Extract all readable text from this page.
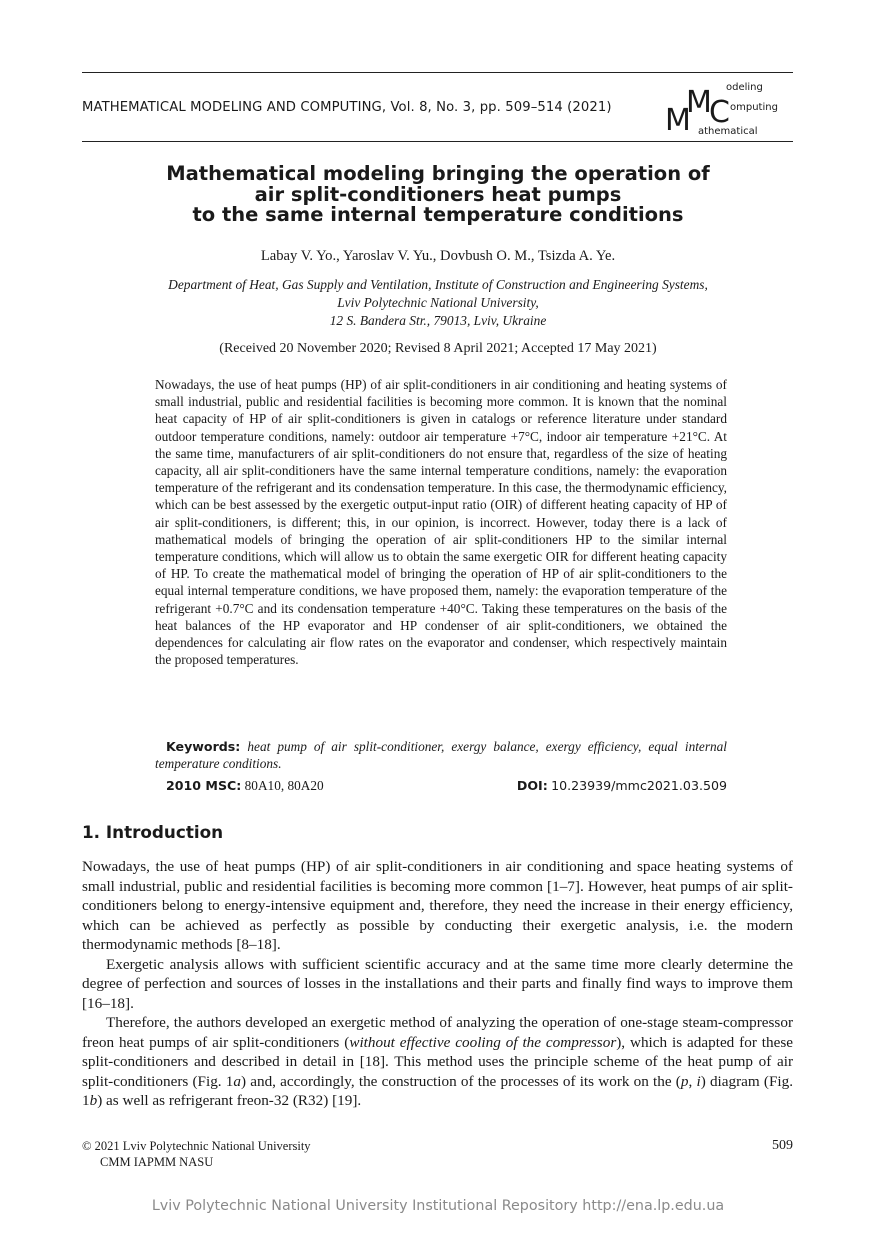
MATHEMATICAL MODELING AND COMPUTING, Vol. 8, No. 3, pp. 509–514 (2021) M
M
C
odeling
omputing
athematical
Mathematical modeling bringing the operation of
air split-conditioners heat pumps
to the same internal temperature conditions
Labay V. Yo., Yaroslav V. Yu., Dovbush O. M., Tsizda A. Ye.
Department of Heat, Gas Supply and Ventilation, Institute of Construction and Engineering Systems,
Lviv Polytechnic National University,
12 S. Bandera Str., 79013, Lviv, Ukraine
(Received 20 November 2020; Revised 8 April 2021; Accepted 17 May 2021)

Nowadays, the use of heat pumps (HP) of air split-conditioners in air conditioning and heating systems of small industrial, public and residential facilities is becoming more common. It is known that the nominal heat capacity of HP of air split-conditioners is given in catalogs or reference literature under standard outdoor temperature conditions, namely: outdoor air temperature +7°C, indoor air temperature +21°C. At the same time, manufacturers of air split-conditioners do not ensure that, regardless of the size of heating capacity, all air split-conditioners have the same internal temperature conditions, namely: the evaporation temperature of the refrigerant and its condensation temperature. In this case, the thermodynamic efficiency, which can be best assessed by the exergetic output-input ratio (OIR) of different heating capacity of HP of air split-conditioners, is different; this, in our opinion, is incorrect. However, today there is a lack of mathematical models of bringing the operation of air split-conditioners HP to the similar internal temperature conditions, which will allow us to obtain the same exergetic OIR for different heating capacity of HP. To create the mathematical model of bringing the operation of HP of air split-conditioners to the equal internal temperature conditions, we have proposed them, namely: the evaporation temperature of the refrigerant +0.7°C and its condensation temperature +40°C. Taking these temperatures on the basis of the heat balances of the HP evaporator and HP condenser of air split-conditioners, we obtained the dependences for calculating air flow rates on the evaporator and condenser, which respectively maintain the proposed temperatures.

Keywords: heat pump of air split-conditioner, exergy balance, exergy efficiency, equal internal temperature conditions.
2010 MSC: 80A10, 80A20	DOI: 10.23939/mmc2021.03.509
1. Introduction

Nowadays, the use of heat pumps (HP) of air split-conditioners in air conditioning and space heating systems of small industrial, public and residential facilities is becoming more common [1–7]. However, heat pumps of air split-conditioners belong to energy-intensive equipment and, therefore, they need the increase in their energy efficiency, which can be achieved as perfectly as possible by conducting their exergetic analysis, i.e. the modern thermodynamic methods [8–18].

Exergetic analysis allows with sufficient scientific accuracy and at the same time more clearly determine the degree of perfection and sources of losses in the installations and their parts and finally find ways to improve them [16–18].

Therefore, the authors developed an exergetic method of analyzing the operation of one-stage steam-compressor freon heat pumps of air split-conditioners (without effective cooling of the compressor), which is adapted for these split-conditioners and described in detail in [18]. This method uses the principle scheme of the heat pump of air split-conditioners (Fig. 1a) and, accordingly, the construction of the processes of its work on the (p, i) diagram (Fig. 1b) as well as refrigerant freon-32 (R32) [19].

© 2021 Lviv Polytechnic National University
CMM IAPMM NASU
509
Lviv Polytechnic National University Institutional Repository http://ena.lp.edu.ua
